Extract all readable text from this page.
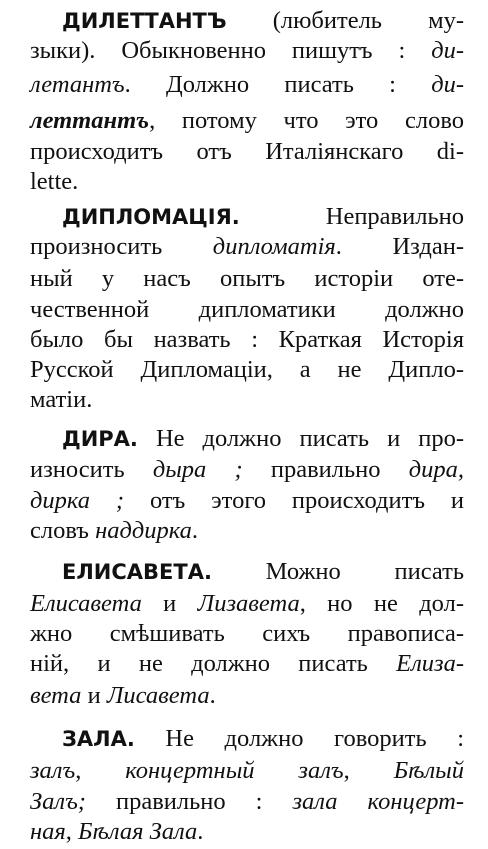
ДИЛЕТТАНТЪ (любитель му-
зыки). Обыкновенно пишутъ : ди-
летантъ. Должно писать : ди-
леттантъ, потому что это слово
происходитъ отъ Италіянскаго di-
lette.
ДИПЛОМАЦІЯ.	Неправильно
произносить дипломатія. Издан-
ный у насъ опытъ исторіи оте-
чественной дипломатики должно
было бы назвать : Краткая Исторія
Русской Дипломаціи, а не Дипло-
матіи.
ДИРА. Не должно писать и про-
износить дыра ; правильно дира,
дирка ; отъ этого происходитъ и
словъ наддирка.
ЕЛИСАВЕТА. Можно писать
Елисавета и Лизавета, но не дол-
жно смѣшивать сихъ правописа-
ній, и не должно писать Елиза-
вета и Лисавета.
ЗАЛА. Не должно говорить :
залъ, концертный залъ, Бѣлый
Залъ; правильно : зала концерт-
ная, Бѣлая Зала.
